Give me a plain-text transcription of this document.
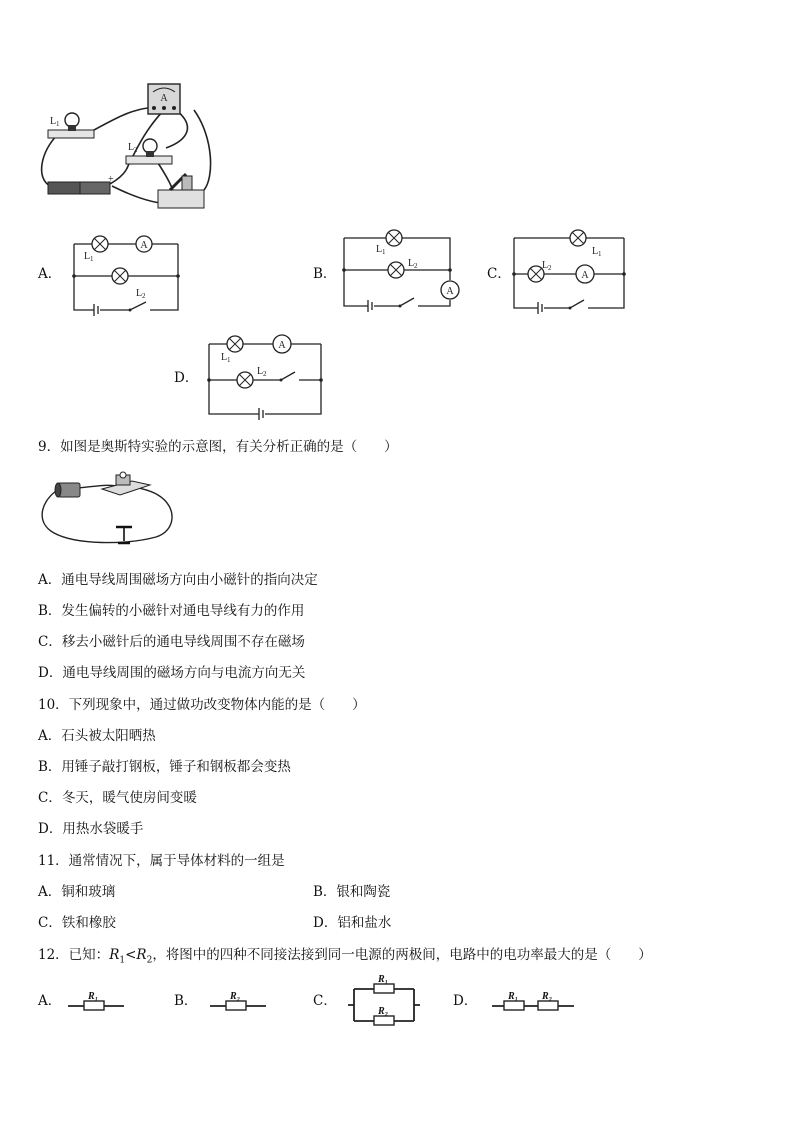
A
L 1
L 2
+
A．
A
L 1
L 2
B．
A
L 1
L 2	C．	A
L 1
L 2
D．
A
L 1
L 2
9．如图是奥斯特实验的示意图，有关分析正确的是（　　）
A．通电导线周围磁场方向由小磁针的指向决定
B．发生偏转的小磁针对通电导线有力的作用
C．移去小磁针后的通电导线周围不存在磁场
D．通电导线周围的磁场方向与电流方向无关
10．下列现象中，通过做功改变物体内能的是（　　）
A．石头被太阳晒热
B．用锤子敲打钢板，锤子和钢板都会变热
C．冬天，暖气使房间变暖
D．用热水袋暖手
11．通常情况下，属于导体材料的一组是
A．铜和玻璃	B．银和陶瓷
C．铁和橡胶	D．铝和盐水
12．已知：$R_1<R_2$，将图中的四种不同接法接到同一电源的两极间，电路中的电功率最大的是（　　）
A．	R₁	B．	R₂	C．
R₁
R₂
D．	R₁ R₂
